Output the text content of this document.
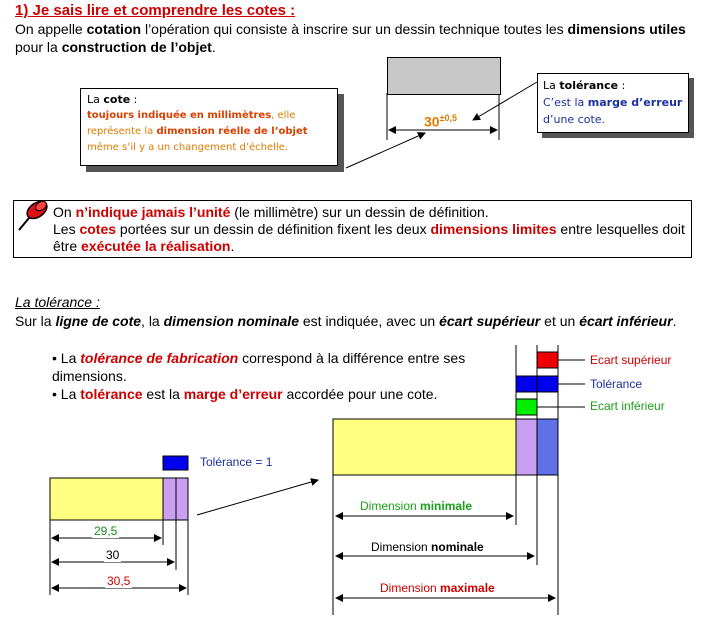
1) Je sais lire et comprendre les cotes :
On appelle cotation l’opération qui consiste à inscrire sur un dessin technique toutes les dimensions utiles pour la construction de l’objet.
$30^{\pm 0,5}$
La cote :
toujours indiquée en millimètres, elle représente la dimension réelle de l’objet même s’il y a un changement d’échelle.
La tolérance :
C’est la marge d’erreur d’une cote.
On n’indique jamais l’unité (le millimètre) sur un dessin de définition.
Les cotes portées sur un dessin de définition fixent les deux dimensions limites entre lesquelles doit être exécutée la réalisation.
La tolérance :
Sur la ligne de cote, la dimension nominale est indiquée, avec un écart supérieur et un écart inférieur.
• La tolérance de fabrication correspond à la différence entre ses dimensions.
• La tolérance est la marge d’erreur accordée pour une cote.
Tolérance = 1
29,5
30
30,5
Ecart supérieur
Tolérance
Ecart inférieur
Dimension minimale
Dimension nominale
Dimension maximale
